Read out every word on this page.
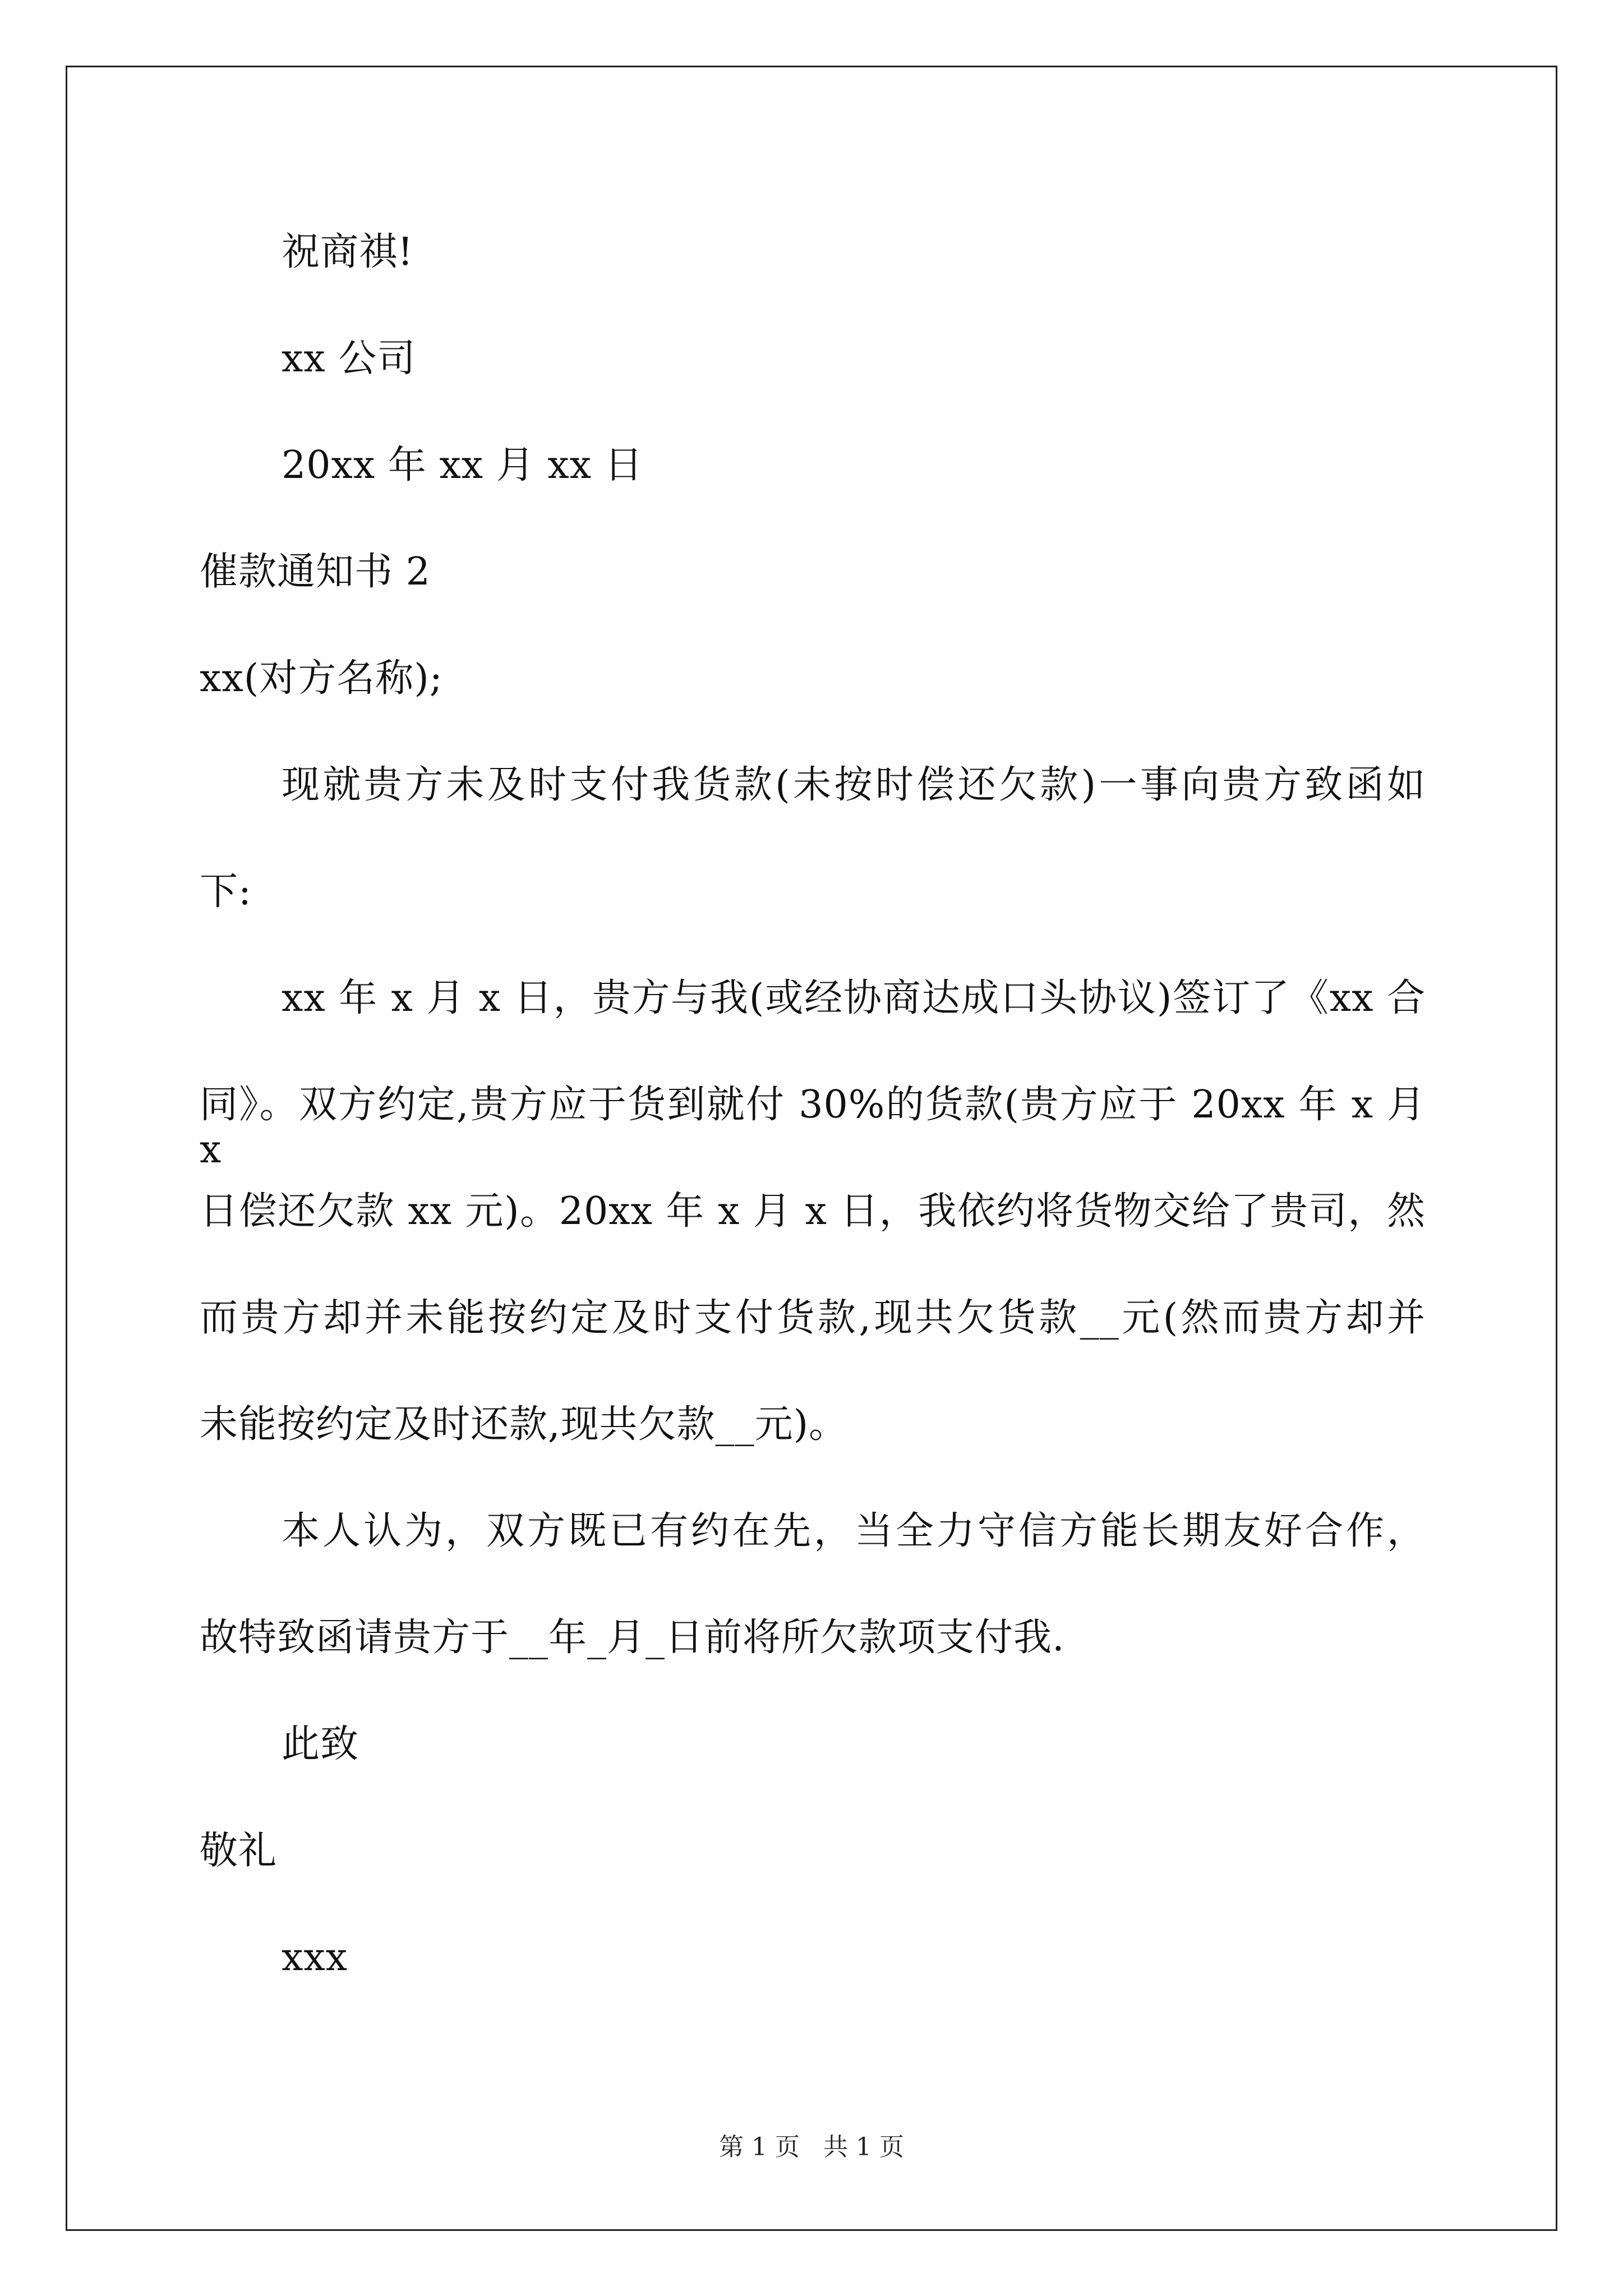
祝商祺!
xx 公司
20xx 年 xx 月 xx 日
催款通知书 2
xx(对方名称);
现就贵方未及时支付我货款(未按时偿还欠款)一事向贵方致函如
下:
xx 年 x 月 x 日，贵方与我(或经协商达成口头协议)签订了《xx 合
同》。双方约定,贵方应于货到就付 30%的货款(贵方应于 20xx 年 x 月 x
日偿还欠款 xx 元)。20xx 年 x 月 x 日，我依约将货物交给了贵司，然
而贵方却并未能按约定及时支付货款,现共欠货款__元(然而贵方却并
未能按约定及时还款,现共欠款__元)。
本人认为，双方既已有约在先，当全力守信方能长期友好合作，
故特致函请贵方于__年_月_日前将所欠款项支付我.
此致
敬礼
xxx
第 1 页   共 1 页
